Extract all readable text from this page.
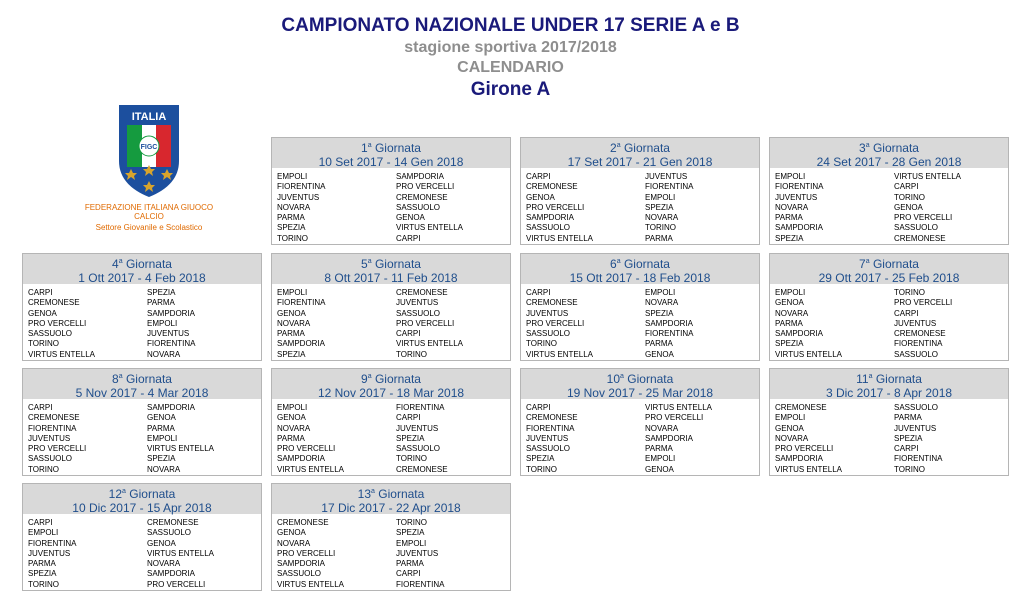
CAMPIONATO NAZIONALE UNDER 17 SERIE A e B
stagione sportiva 2017/2018
CALENDARIO
Girone A
ITALIA
FIGC
FEDERAZIONE ITALIANA GIUOCO CALCIO
Settore Giovanile e Scolastico
1$^a$ Giornata
10 Set 2017 - 14 Gen 2018
EMPOLI	SAMPDORIA
FIORENTINA	PRO VERCELLI
JUVENTUS	CREMONESE
NOVARA	SASSUOLO
PARMA	GENOA
SPEZIA	VIRTUS ENTELLA
TORINO	CARPI
2$^a$ Giornata
17 Set 2017 - 21 Gen 2018
CARPI	JUVENTUS
CREMONESE	FIORENTINA
GENOA	EMPOLI
PRO VERCELLI	SPEZIA
SAMPDORIA	NOVARA
SASSUOLO	TORINO
VIRTUS ENTELLA	PARMA
3$^a$ Giornata
24 Set 2017 - 28 Gen 2018
EMPOLI	VIRTUS ENTELLA
FIORENTINA	CARPI
JUVENTUS	TORINO
NOVARA	GENOA
PARMA	PRO VERCELLI
SAMPDORIA	SASSUOLO
SPEZIA	CREMONESE
4$^a$ Giornata
1 Ott 2017 - 4 Feb 2018
CARPI	SPEZIA
CREMONESE	PARMA
GENOA	SAMPDORIA
PRO VERCELLI	EMPOLI
SASSUOLO	JUVENTUS
TORINO	FIORENTINA
VIRTUS ENTELLA	NOVARA
5$^a$ Giornata
8 Ott 2017 - 11 Feb 2018
EMPOLI	CREMONESE
FIORENTINA	JUVENTUS
GENOA	SASSUOLO
NOVARA	PRO VERCELLI
PARMA	CARPI
SAMPDORIA	VIRTUS ENTELLA
SPEZIA	TORINO
6$^a$ Giornata
15 Ott 2017 - 18 Feb 2018
CARPI	EMPOLI
CREMONESE	NOVARA
JUVENTUS	SPEZIA
PRO VERCELLI	SAMPDORIA
SASSUOLO	FIORENTINA
TORINO	PARMA
VIRTUS ENTELLA	GENOA
7$^a$ Giornata
29 Ott 2017 - 25 Feb 2018
EMPOLI	TORINO
GENOA	PRO VERCELLI
NOVARA	CARPI
PARMA	JUVENTUS
SAMPDORIA	CREMONESE
SPEZIA	FIORENTINA
VIRTUS ENTELLA	SASSUOLO
8$^a$ Giornata
5 Nov 2017 - 4 Mar 2018
CARPI	SAMPDORIA
CREMONESE	GENOA
FIORENTINA	PARMA
JUVENTUS	EMPOLI
PRO VERCELLI	VIRTUS ENTELLA
SASSUOLO	SPEZIA
TORINO	NOVARA
9$^a$ Giornata
12 Nov 2017 - 18 Mar 2018
EMPOLI	FIORENTINA
GENOA	CARPI
NOVARA	JUVENTUS
PARMA	SPEZIA
PRO VERCELLI	SASSUOLO
SAMPDORIA	TORINO
VIRTUS ENTELLA	CREMONESE
10$^a$ Giornata
19 Nov 2017 - 25 Mar 2018
CARPI	VIRTUS ENTELLA
CREMONESE	PRO VERCELLI
FIORENTINA	NOVARA
JUVENTUS	SAMPDORIA
SASSUOLO	PARMA
SPEZIA	EMPOLI
TORINO	GENOA
11$^a$ Giornata
3 Dic 2017 - 8 Apr 2018
CREMONESE	SASSUOLO
EMPOLI	PARMA
GENOA	JUVENTUS
NOVARA	SPEZIA
PRO VERCELLI	CARPI
SAMPDORIA	FIORENTINA
VIRTUS ENTELLA	TORINO
12$^a$ Giornata
10 Dic 2017 - 15 Apr 2018
CARPI	CREMONESE
EMPOLI	SASSUOLO
FIORENTINA	GENOA
JUVENTUS	VIRTUS ENTELLA
PARMA	NOVARA
SPEZIA	SAMPDORIA
TORINO	PRO VERCELLI
13$^a$ Giornata
17 Dic 2017 - 22 Apr 2018
CREMONESE	TORINO
GENOA	SPEZIA
NOVARA	EMPOLI
PRO VERCELLI	JUVENTUS
SAMPDORIA	PARMA
SASSUOLO	CARPI
VIRTUS ENTELLA	FIORENTINA
